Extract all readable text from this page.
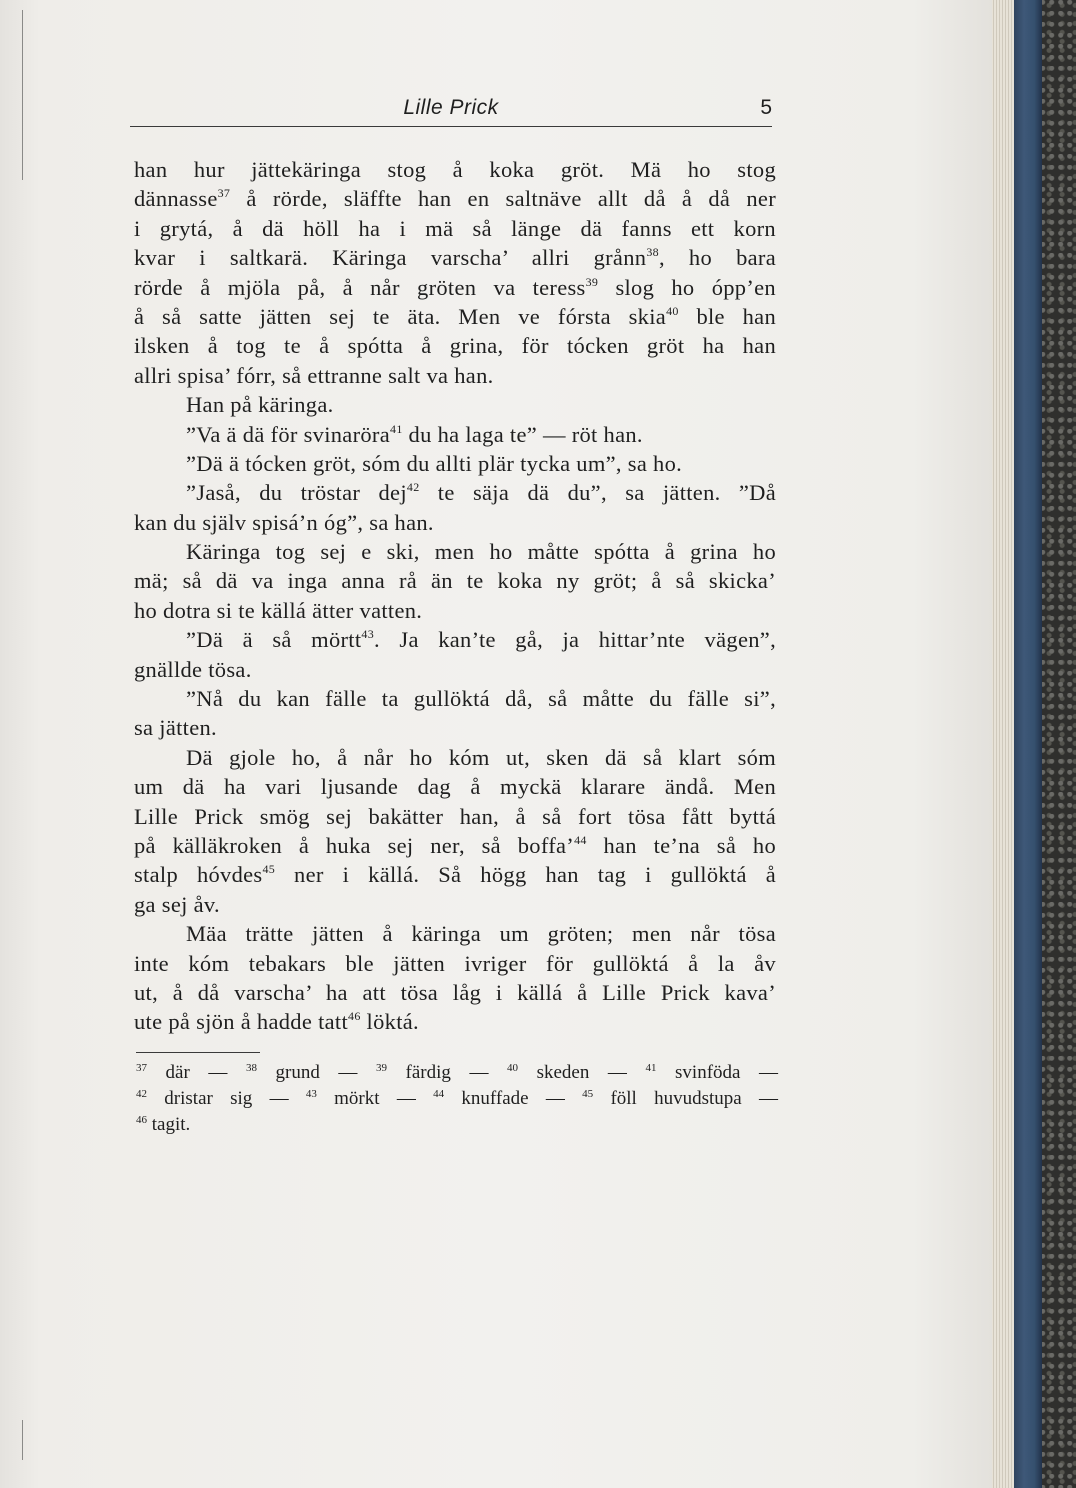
Lille Prick	5
han hur jättekäringa stog å koka gröt. Mä ho stog
dännasse$^{37}$ å rörde, släffte han en saltnäve allt då å då ner
i grytá, å dä höll ha i mä så länge dä fanns ett korn
kvar i saltkarä. Käringa varscha’ allri grånn$^{38}$, ho bara
rörde å mjöla på, å når gröten va teress$^{39}$ slog ho ópp’en
å så satte jätten sej te äta. Men ve fórsta skia$^{40}$ ble han
ilsken å tog te å spótta å grina, för tócken gröt ha han
allri spisa’ fórr, så ettranne salt va han.
Han på käringa.
”Va ä dä för svinaröra$^{41}$ du ha laga te” — röt han.
”Dä ä tócken gröt, sóm du allti plär tycka um”, sa ho.
”Jaså, du tröstar dej$^{42}$ te säja dä du”, sa jätten. ”Då
kan du själv spisá’n óg”, sa han.
Käringa tog sej e ski, men ho måtte spótta å grina ho
mä; så dä va inga anna rå än te koka ny gröt; å så skicka’
ho dotra si te källá ätter vatten.
”Dä ä så mörtt$^{43}$. Ja kan’te gå, ja hittar’nte vägen”,
gnällde tösa.
”Nå du kan fälle ta gullöktá då, så måtte du fälle si”,
sa jätten.
Dä gjole ho, å når ho kóm ut, sken dä så klart sóm
um dä ha vari ljusande dag å myckä klarare ändå. Men
Lille Prick smög sej bakätter han, å så fort tösa fått byttá
på källäkroken å huka sej ner, så boffa’$^{44}$ han te’na så ho
stalp hóvdes$^{45}$ ner i källá. Så högg han tag i gullöktá å
ga sej åv.
Mäa trätte jätten å käringa um gröten; men når tösa
inte kóm tebakars ble jätten ivriger för gullöktá å la åv
ut, å då varscha’ ha att tösa låg i källá å Lille Prick kava’
ute på sjön å hadde tatt$^{46}$ löktá.
$^{37}$ där — $^{38}$ grund — $^{39}$ färdig — $^{40}$ skeden — $^{41}$ svinföda —
$^{42}$ dristar sig — $^{43}$ mörkt — $^{44}$ knuffade — $^{45}$ föll huvudstupa —
$^{46}$ tagit.
